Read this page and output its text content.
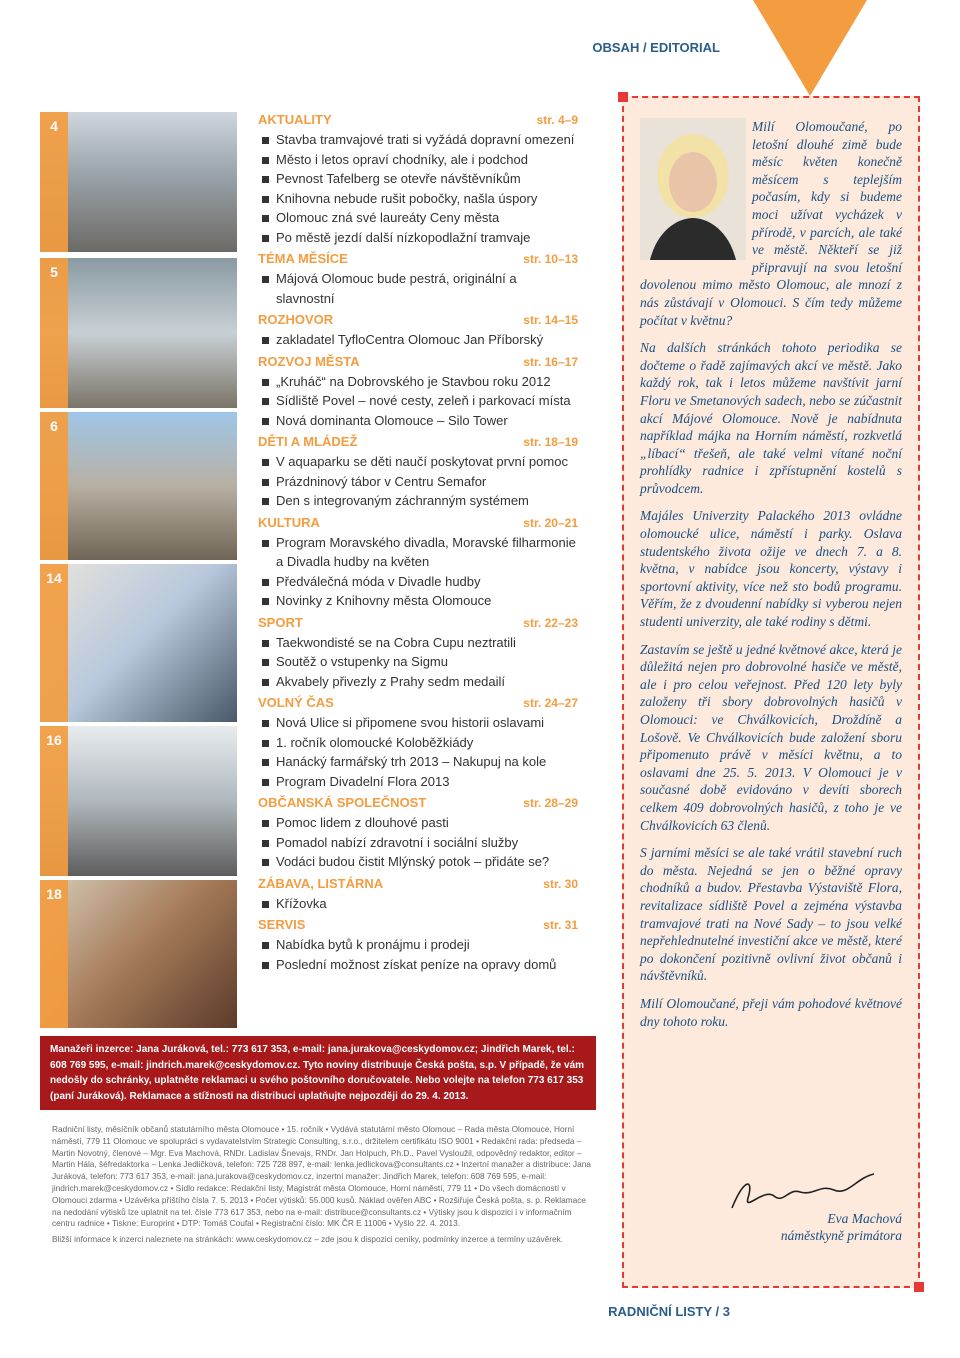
OBSAH / EDITORIAL
4
5
6
14
16
18
AKTUALITY	str. 4–9
Stavba tramvajové trati si vyžádá dopravní omezení
Město i letos opraví chodníky, ale i podchod
Pevnost Tafelberg se otevře návštěvníkům
Knihovna nebude rušit pobočky, našla úspory
Olomouc zná své laureáty Ceny města
Po městě jezdí další nízkopodlažní tramvaje
TÉMA MĚSÍCE	str. 10–13
Májová Olomouc bude pestrá, originální a slavnostní
ROZHOVOR	str. 14–15
zakladatel TyfloCentra Olomouc Jan Příborský
ROZVOJ MĚSTA	str. 16–17
„Kruháč“ na Dobrovského je Stavbou roku 2012
Sídliště Povel – nové cesty, zeleň i parkovací místa
Nová dominanta Olomouce – Silo Tower
DĚTI A MLÁDEŽ	str. 18–19
V aquaparku se děti naučí poskytovat první pomoc
Prázdninový tábor v Centru Semafor
Den s integrovaným záchranným systémem
KULTURA	str. 20–21
Program Moravského divadla, Moravské filharmonie a Divadla hudby na květen
Předválečná móda v Divadle hudby
Novinky z Knihovny města Olomouce
SPORT	str. 22–23
Taekwondisté se na Cobra Cupu neztratili
Soutěž o vstupenky na Sigmu
Akvabely přivezly z Prahy sedm medailí
VOLNÝ ČAS	str. 24–27
Nová Ulice si připomene svou historii oslavami
1. ročník olomoucké Koloběžkiády
Hanácký farmářský trh 2013 – Nakupuj na kole
Program Divadelní Flora 2013
OBČANSKÁ SPOLEČNOST	str. 28–29
Pomoc lidem z dlouhové pasti
Pomadol nabízí zdravotní i sociální služby
Vodáci budou čistit Mlýnský potok – přidáte se?
ZÁBAVA, LISTÁRNA	str. 30
Křížovka
SERVIS	str. 31
Nabídka bytů k pronájmu i prodeji
Poslední možnost získat peníze na opravy domů

Milí Olomoučané, po letošní dlouhé zimě bude měsíc květen konečně měsícem s teplejším počasím, kdy si budeme moci užívat vycházek v přírodě, v parcích, ale také ve městě. Někteří se již připravují na svou letošní dovolenou mimo město Olomouc, ale mnozí z nás zůstávají v Olomouci. S čím tedy můžeme počítat v květnu?

Na dalších stránkách tohoto periodika se dočteme o řadě zajímavých akcí ve městě. Jako každý rok, tak i letos můžeme navštívit jarní Floru ve Smetanových sadech, nebo se zúčastnit akcí Májové Olomouce. Nově je nabídnuta například májka na Horním náměstí, rozkvetlá „líbací“ třešeň, ale také velmi vítané noční prohlídky radnice i zpřístupnění kostelů s průvodcem.

Majáles Univerzity Palackého 2013 ovládne olomoucké ulice, náměstí i parky. Oslava studentského života ožije ve dnech 7. a 8. května, v nabídce jsou koncerty, výstavy i sportovní aktivity, více než sto bodů programu. Věřím, že z dvoudenní nabídky si vyberou nejen studenti univerzity, ale také rodiny s dětmi.

Zastavím se ještě u jedné květnové akce, která je důležitá nejen pro dobrovolné hasiče ve městě, ale i pro celou veřejnost. Před 120 lety byly založeny tři sbory dobrovolných hasičů v Olomouci: ve Chválkovicích, Droždíně a Lošově. Ve Chválkovicích bude založení sboru připomenuto právě v měsíci květnu, a to oslavami dne 25. 5. 2013. V Olomouci je v současné době evidováno v devíti sborech celkem 409 dobrovolných hasičů, z toho je ve Chválkovicích 63 členů.

S jarními měsíci se ale také vrátil stavební ruch do města. Nejedná se jen o běžné opravy chodníků a budov. Přestavba Výstaviště Flora, revitalizace sídliště Povel a zejména výstavba tramvajové trati na Nové Sady – to jsou velké nepřehlednutelné investiční akce ve městě, které po dokončení pozitivně ovlivní život občanů i návštěvníků.

Milí Olomoučané, přeji vám pohodové květnové dny tohoto roku.

Eva Machová
náměstkyně primátora
Manažeři inzerce: Jana Juráková, tel.: 773 617 353, e-mail: jana.jurakova@ceskydomov.cz; Jindřich Marek, tel.: 608 769 595, e-mail: jindrich.marek@ceskydomov.cz. Tyto noviny distribuuje Česká pošta, s.p. V případě, že vám nedošly do schránky, uplatněte reklamaci u svého poštovního doručovatele. Nebo volejte na telefon 773 617 353 (paní Juráková). Reklamace a stížnosti na distribuci uplatňujte nejpozději do 29. 4. 2013.

Radniční listy, měsíčník občanů statutárního města Olomouce • 15. ročník • Vydává statutární město Olomouc – Rada města Olomouce, Horní náměstí, 779 11 Olomouc ve spolupráci s vydavatelstvím Strategic Consulting, s.r.o., držitelem certifikátu ISO 9001 • Redakční rada: předseda – Martin Novotný, členové – Mgr. Eva Machová, RNDr. Ladislav Šnevajs, RNDr. Jan Holpuch, Ph.D., Pavel Vysloužil, odpovědný redaktor, editor – Martin Hála, šéfredaktorka – Lenka Jedličková, telefon: 725 728 897, e-mail: lenka.jedlickova@consultants.cz • Inzertní manažer a distribuce: Jana Juráková, telefon: 773 617 353, e-mail: jana.jurakova@ceskydomov.cz, inzertní manažer: Jindřich Marek, telefon: 608 769 595, e-mail: jindrich.marek@ceskydomov.cz • Sídlo redakce: Redakční listy, Magistrát města Olomouce, Horní náměstí, 779 11 • Do všech domácností v Olomouci zdarma • Uzávěrka příštího čísla 7. 5. 2013 • Počet výtisků: 55.000 kusů. Náklad ověřen ABC • Rozšiřuje Česká pošta, s. p. Reklamace na nedodání výtisků lze uplatnit na tel. čísle 773 617 353, nebo na e-mail: distribuce@consultants.cz • Výtisky jsou k dispozici i v informačním centru radnice • Tiskne: Europrint • DTP: Tomáš Coufal • Registrační číslo: MK ČR E 11006 • Vyšlo 22. 4. 2013.

Bližší informace k inzerci naleznete na stránkách: www.ceskydomov.cz – zde jsou k dispozici ceníky, podmínky inzerce a termíny uzávěrek.

RADNIČNÍ LISTY / 3
